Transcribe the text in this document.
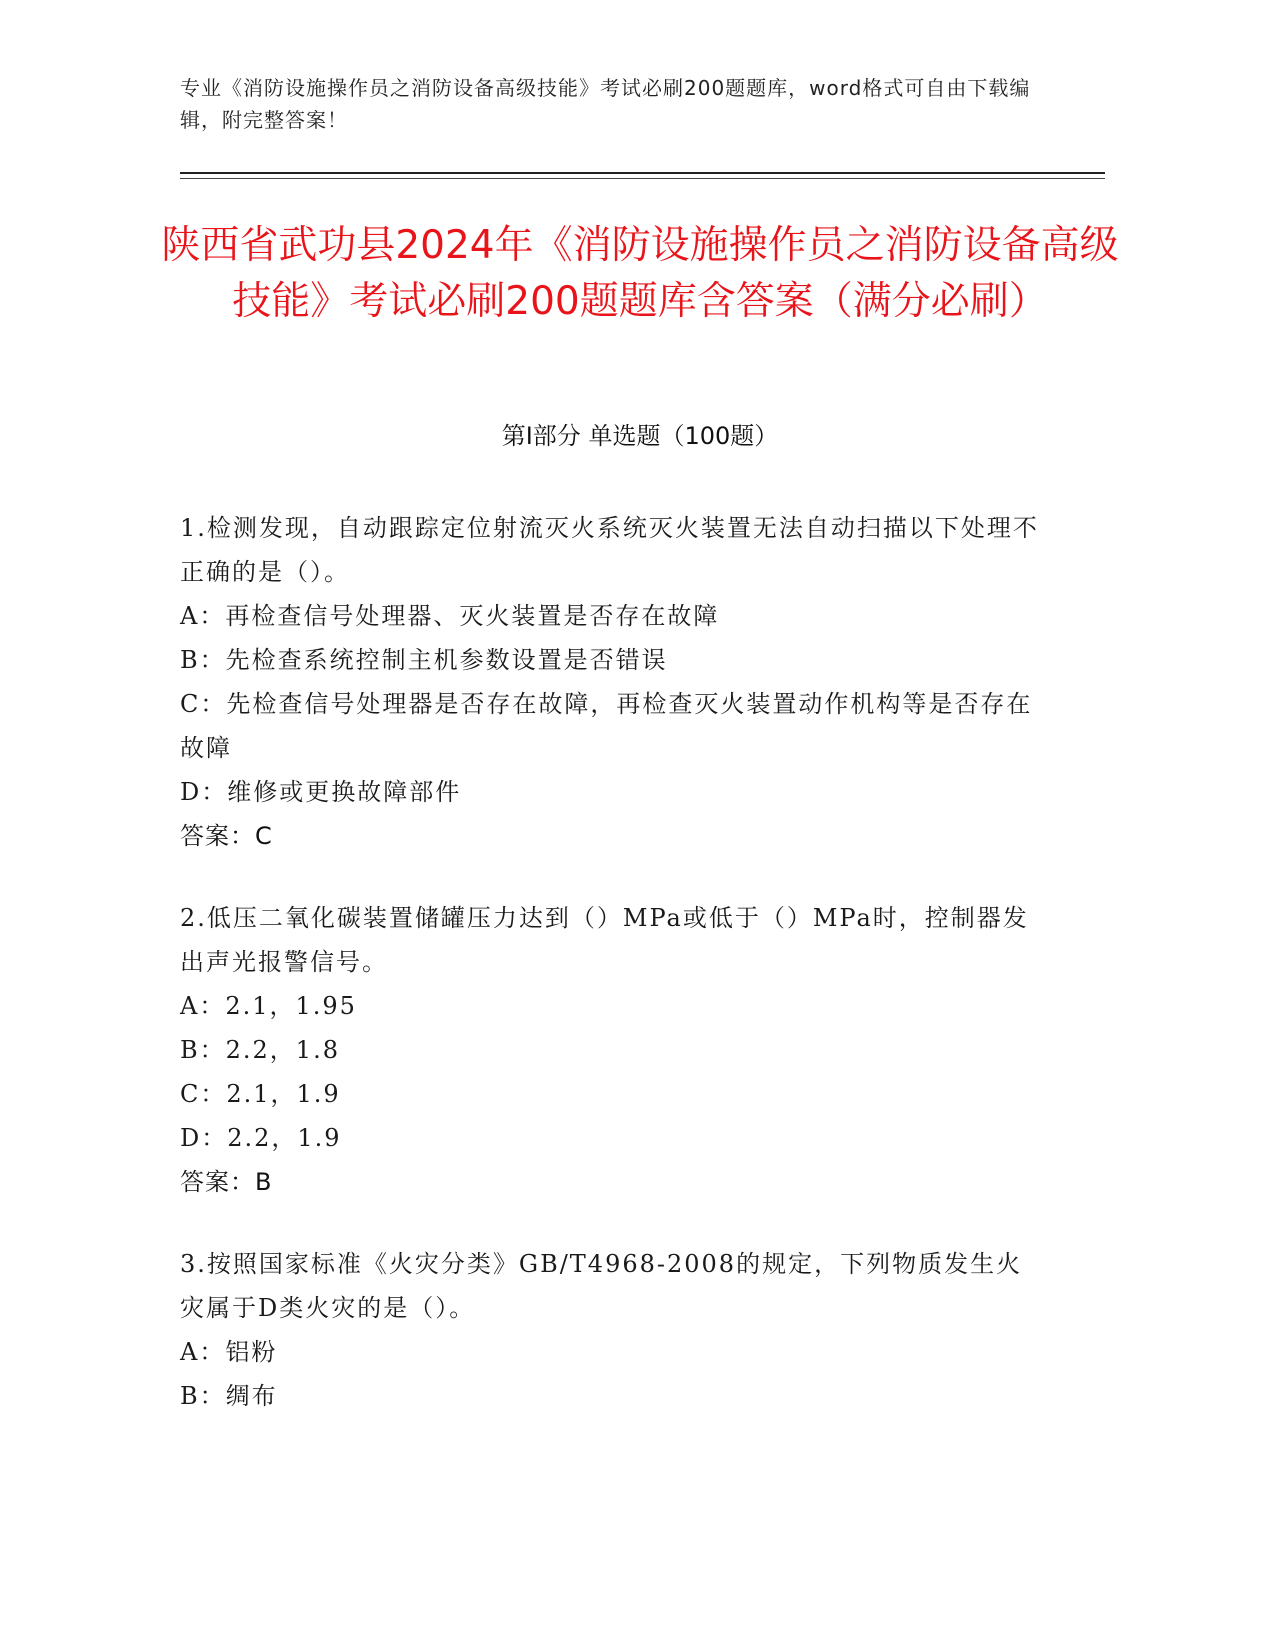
专业《消防设施操作员之消防设备高级技能》考试必刷200题题库，word格式可自由下载编辑，附完整答案！
陕西省武功县2024年《消防设施操作员之消防设备高级技能》考试必刷200题题库含答案（满分必刷）
第I部分 单选题（100题）
1.检测发现，自动跟踪定位射流灭火系统灭火装置无法自动扫描以下处理不正确的是（）。
A：再检查信号处理器、灭火装置是否存在故障
B：先检查系统控制主机参数设置是否错误
C：先检查信号处理器是否存在故障，再检查灭火装置动作机构等是否存在故障
D：维修或更换故障部件
答案：C
2.低压二氧化碳装置储罐压力达到（）MPa或低于（）MPa时，控制器发出声光报警信号。
A：2.1，1.95
B：2.2，1.8
C：2.1，1.9
D：2.2，1.9
答案：B
3.按照国家标准《火灾分类》GB/T4968-2008的规定，下列物质发生火灾属于D类火灾的是（）。
A：铝粉
B：绸布
